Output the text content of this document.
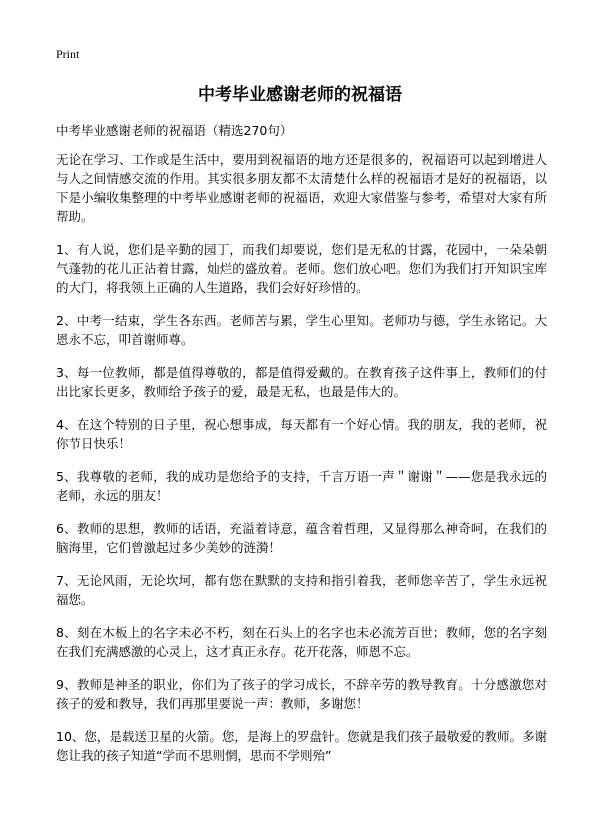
Print
中考毕业感谢老师的祝福语

中考毕业感谢老师的祝福语（精选270句）

无论在学习、工作或是生活中，要用到祝福语的地方还是很多的，祝福语可以起到增进人与人之间情感交流的作用。其实很多朋友都不太清楚什么样的祝福语才是好的祝福语，以下是小编收集整理的中考毕业感谢老师的祝福语，欢迎大家借鉴与参考，希望对大家有所帮助。

1、有人说，您们是辛勤的园丁，而我们却要说，您们是无私的甘露，花园中，一朵朵朝气蓬勃的花儿正沾着甘露，灿烂的盛放着。老师。您们放心吧。您们为我们打开知识宝库的大门，将我领上正确的人生道路，我们会好好珍惜的。

2、中考一结束，学生各东西。老师苦与累，学生心里知。老师功与德，学生永铭记。大恩永不忘，叩首谢师尊。

3、每一位教师，都是值得尊敬的，都是值得爱戴的。在教育孩子这件事上，教师们的付出比家长更多，教师给予孩子的爱，最是无私，也最是伟大的。

4、在这个特别的日子里，祝心想事成，每天都有一个好心情。我的朋友，我的老师，祝你节日快乐！

5、我尊敬的老师，我的成功是您给予的支持，千言万语一声＂谢谢＂——您是我永远的老师，永远的朋友！

6、教师的思想，教师的话语，充溢着诗意，蕴含着哲理，又显得那么神奇呵，在我们的脑海里，它们曾激起过多少美妙的涟漪！

7、无论风雨，无论坎坷，都有您在默默的支持和指引着我，老师您辛苦了，学生永远祝福您。

8、刻在木板上的名字未必不朽，刻在石头上的名字也未必流芳百世；教师，您的名字刻在我们充满感激的心灵上，这才真正永存。花开花落，师恩不忘。

9、教师是神圣的职业，你们为了孩子的学习成长，不辞辛劳的教导教育。十分感激您对孩子的爱和教导，我们再那里要说一声：教师，多谢您！

10、您，是载送卫星的火箭。您，是海上的罗盘针。您就是我们孩子最敬爱的教师。多谢您让我的孩子知道“学而不思则惘，思而不学则殆”
